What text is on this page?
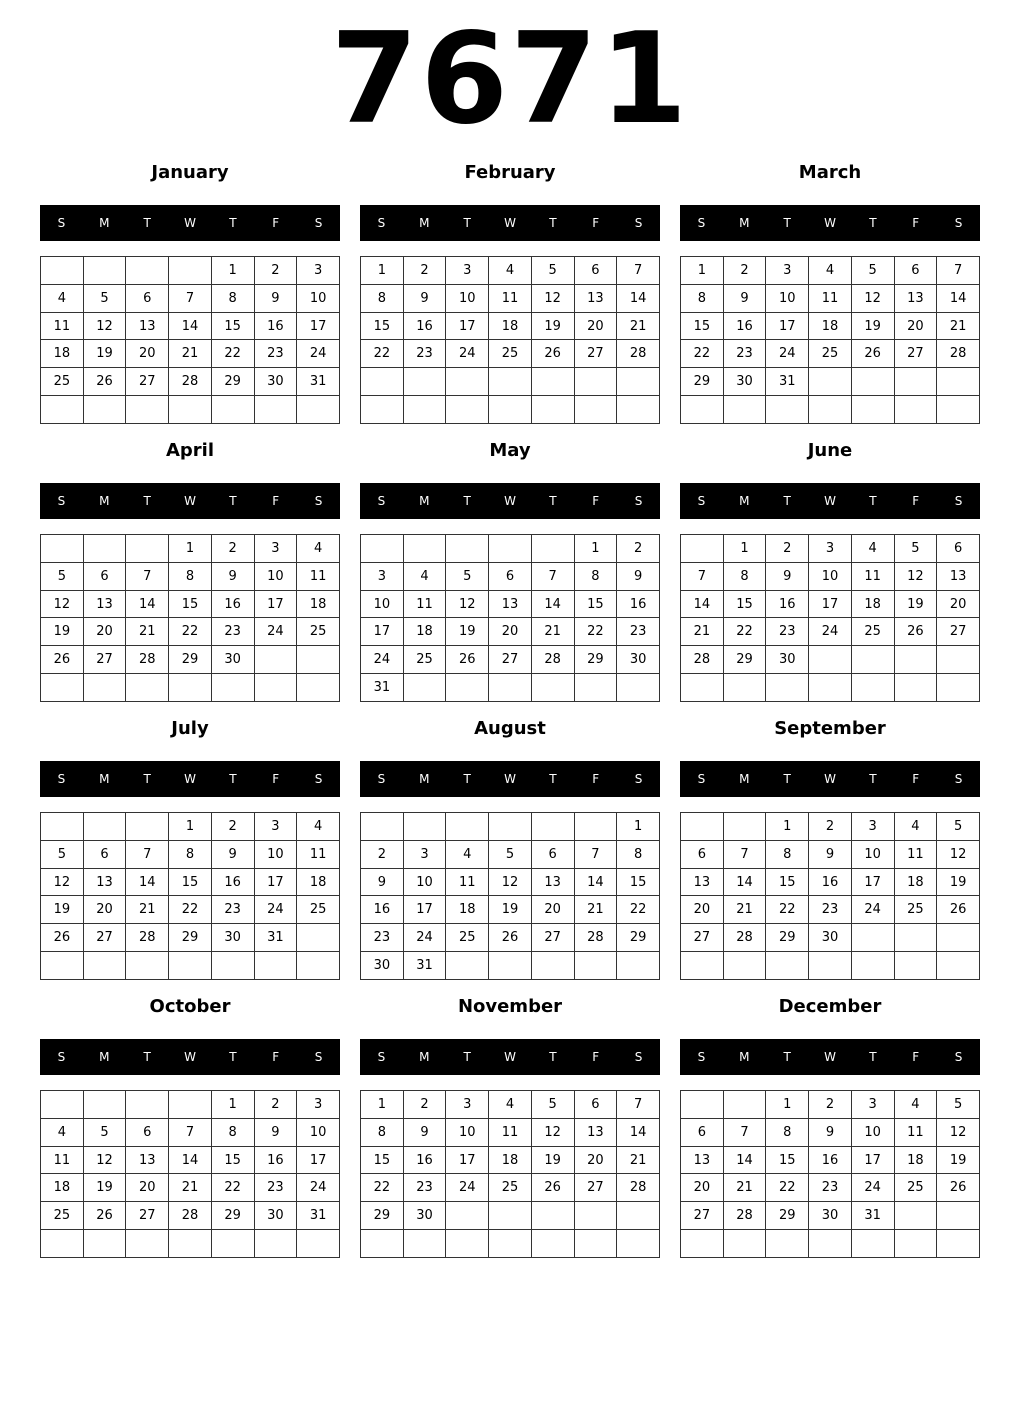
7671
January
S	M	T	W	T	F	S
				1	2	3
4	5	6	7	8	9	10
11	12	13	14	15	16	17
18	19	20	21	22	23	24
25	26	27	28	29	30	31

February
S	M	T	W	T	F	S
1	2	3	4	5	6	7
8	9	10	11	12	13	14
15	16	17	18	19	20	21
22	23	24	25	26	27	28

March
S	M	T	W	T	F	S
1	2	3	4	5	6	7
8	9	10	11	12	13	14
15	16	17	18	19	20	21
22	23	24	25	26	27	28
29	30	31				

April
S	M	T	W	T	F	S
			1	2	3	4
5	6	7	8	9	10	11
12	13	14	15	16	17	18
19	20	21	22	23	24	25
26	27	28	29	30		

May
S	M	T	W	T	F	S
					1	2
3	4	5	6	7	8	9
10	11	12	13	14	15	16
17	18	19	20	21	22	23
24	25	26	27	28	29	30
31						
June
S	M	T	W	T	F	S
	1	2	3	4	5	6
7	8	9	10	11	12	13
14	15	16	17	18	19	20
21	22	23	24	25	26	27
28	29	30				

July
S	M	T	W	T	F	S
			1	2	3	4
5	6	7	8	9	10	11
12	13	14	15	16	17	18
19	20	21	22	23	24	25
26	27	28	29	30	31	

August
S	M	T	W	T	F	S
						1
2	3	4	5	6	7	8
9	10	11	12	13	14	15
16	17	18	19	20	21	22
23	24	25	26	27	28	29
30	31					
September
S	M	T	W	T	F	S
		1	2	3	4	5
6	7	8	9	10	11	12
13	14	15	16	17	18	19
20	21	22	23	24	25	26
27	28	29	30			

October
S	M	T	W	T	F	S
				1	2	3
4	5	6	7	8	9	10
11	12	13	14	15	16	17
18	19	20	21	22	23	24
25	26	27	28	29	30	31

November
S	M	T	W	T	F	S
1	2	3	4	5	6	7
8	9	10	11	12	13	14
15	16	17	18	19	20	21
22	23	24	25	26	27	28
29	30					

December
S	M	T	W	T	F	S
		1	2	3	4	5
6	7	8	9	10	11	12
13	14	15	16	17	18	19
20	21	22	23	24	25	26
27	28	29	30	31		
